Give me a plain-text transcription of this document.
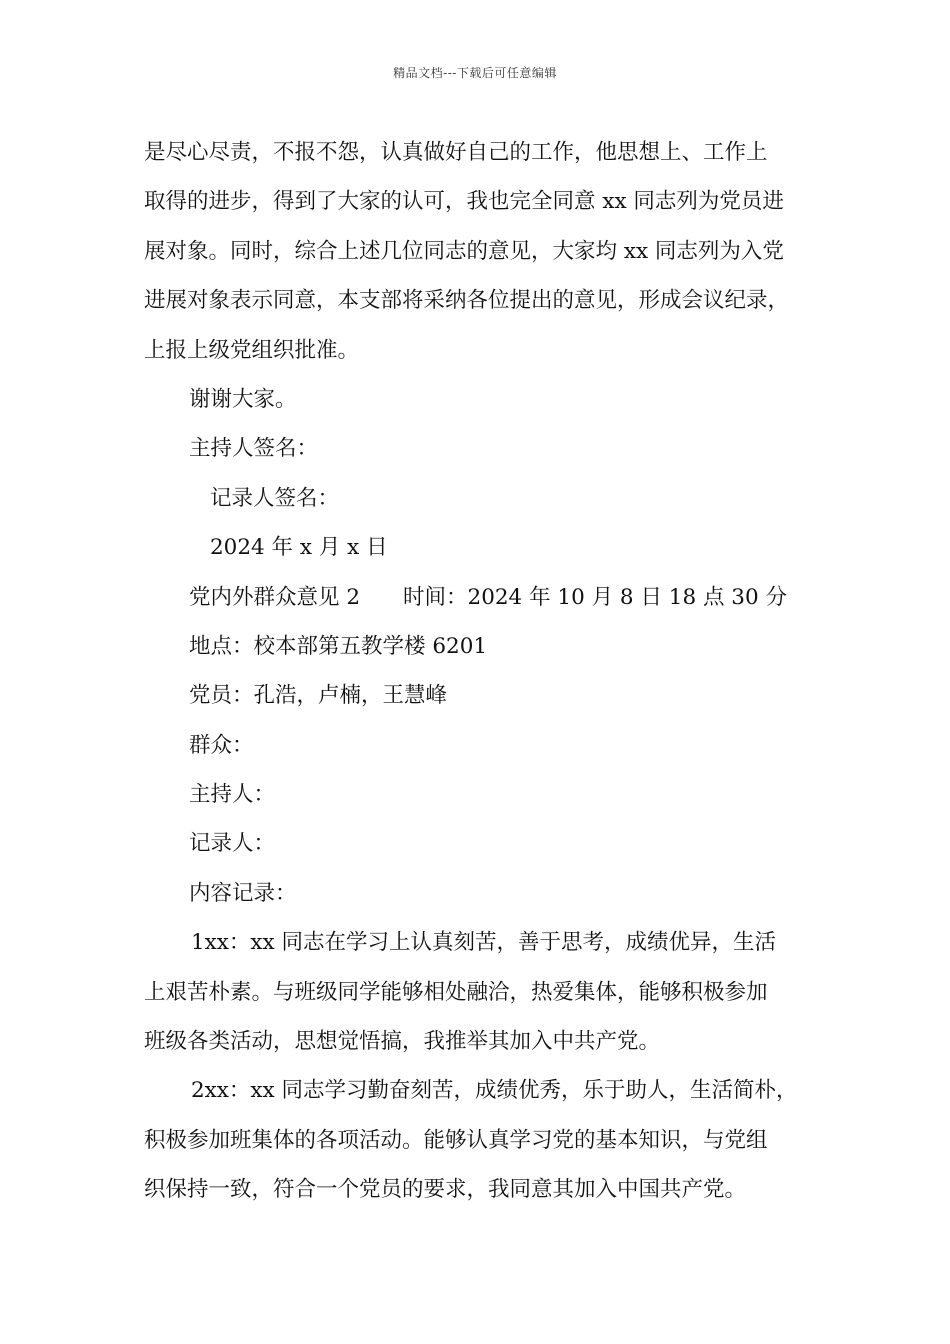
精品文档---下载后可任意编辑
是尽心尽责，不报不怨，认真做好自己的工作，他思想上、工作上
取得的进步，得到了大家的认可，我也完全同意 xx 同志列为党员进
展对象。同时，综合上述几位同志的意见，大家均 xx 同志列为入党
进展对象表示同意，本支部将采纳各位提出的意见，形成会议纪录，
上报上级党组织批准。
谢谢大家。
主持人签名：
记录人签名：
2024 年 x 月 x 日
党内外群众意见 2　　时间：2024 年 10 月 8 日 18 点 30 分
地点：校本部第五教学楼 6201
党员：孔浩，卢楠，王慧峰
群众：
主持人：
记录人：
内容记录：
1xx：xx 同志在学习上认真刻苦，善于思考，成绩优异，生活
上艰苦朴素。与班级同学能够相处融洽，热爱集体，能够积极参加
班级各类活动，思想觉悟搞，我推举其加入中共产党。
2xx：xx 同志学习勤奋刻苦，成绩优秀，乐于助人，生活简朴，
积极参加班集体的各项活动。能够认真学习党的基本知识，与党组
织保持一致，符合一个党员的要求，我同意其加入中国共产党。
